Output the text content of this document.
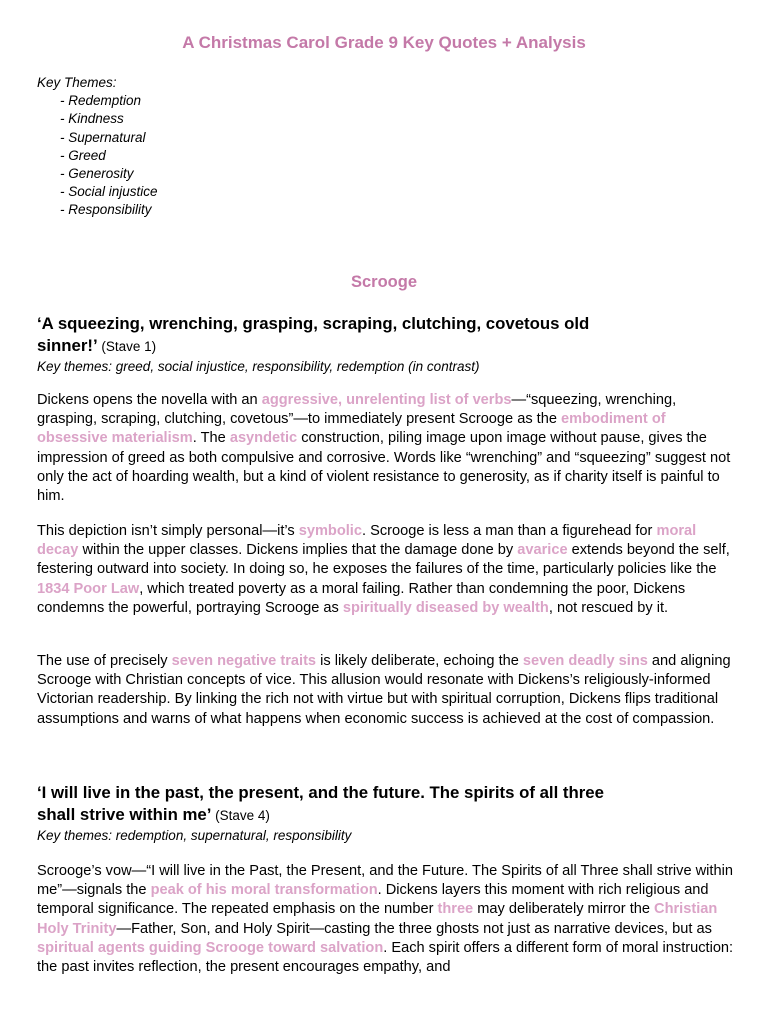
A Christmas Carol Grade 9 Key Quotes + Analysis

Key Themes:

- Redemption
- Kindness
- Supernatural
- Greed
- Generosity
- Social injustice
- Responsibility
Scrooge

‘A squeezing, wrenching, grasping, scraping, clutching, covetous old
sinner!’ (Stave 1)

Key themes: greed, social injustice, responsibility, redemption (in contrast)

Dickens opens the novella with an aggressive, unrelenting list of verbs—“squeezing, wrenching, grasping, scraping, clutching, covetous”—to immediately present Scrooge as the embodiment of obsessive materialism. The asyndetic construction, piling image upon image without pause, gives the impression of greed as both compulsive and corrosive. Words like “wrenching” and “squeezing” suggest not only the act of hoarding wealth, but a kind of violent resistance to generosity, as if charity itself is painful to him.

This depiction isn’t simply personal—it’s symbolic. Scrooge is less a man than a figurehead for moral decay within the upper classes. Dickens implies that the damage done by avarice extends beyond the self, festering outward into society. In doing so, he exposes the failures of the time, particularly policies like the 1834 Poor Law, which treated poverty as a moral failing. Rather than condemning the poor, Dickens condemns the powerful, portraying Scrooge as spiritually diseased by wealth, not rescued by it.

The use of precisely seven negative traits is likely deliberate, echoing the seven deadly sins and aligning Scrooge with Christian concepts of vice. This allusion would resonate with Dickens’s religiously-informed Victorian readership. By linking the rich not with virtue but with spiritual corruption, Dickens flips traditional assumptions and warns of what happens when economic success is achieved at the cost of compassion.

‘I will live in the past, the present, and the future. The spirits of all three
shall strive within me’ (Stave 4)

Key themes: redemption, supernatural, responsibility

Scrooge’s vow—“I will live in the Past, the Present, and the Future. The Spirits of all Three shall strive within me”—signals the peak of his moral transformation. Dickens layers this moment with rich religious and temporal significance. The repeated emphasis on the number three may deliberately mirror the Christian Holy Trinity—Father, Son, and Holy Spirit—casting the three ghosts not just as narrative devices, but as spiritual agents guiding Scrooge toward salvation. Each spirit offers a different form of moral instruction: the past invites reflection, the present encourages empathy, and
